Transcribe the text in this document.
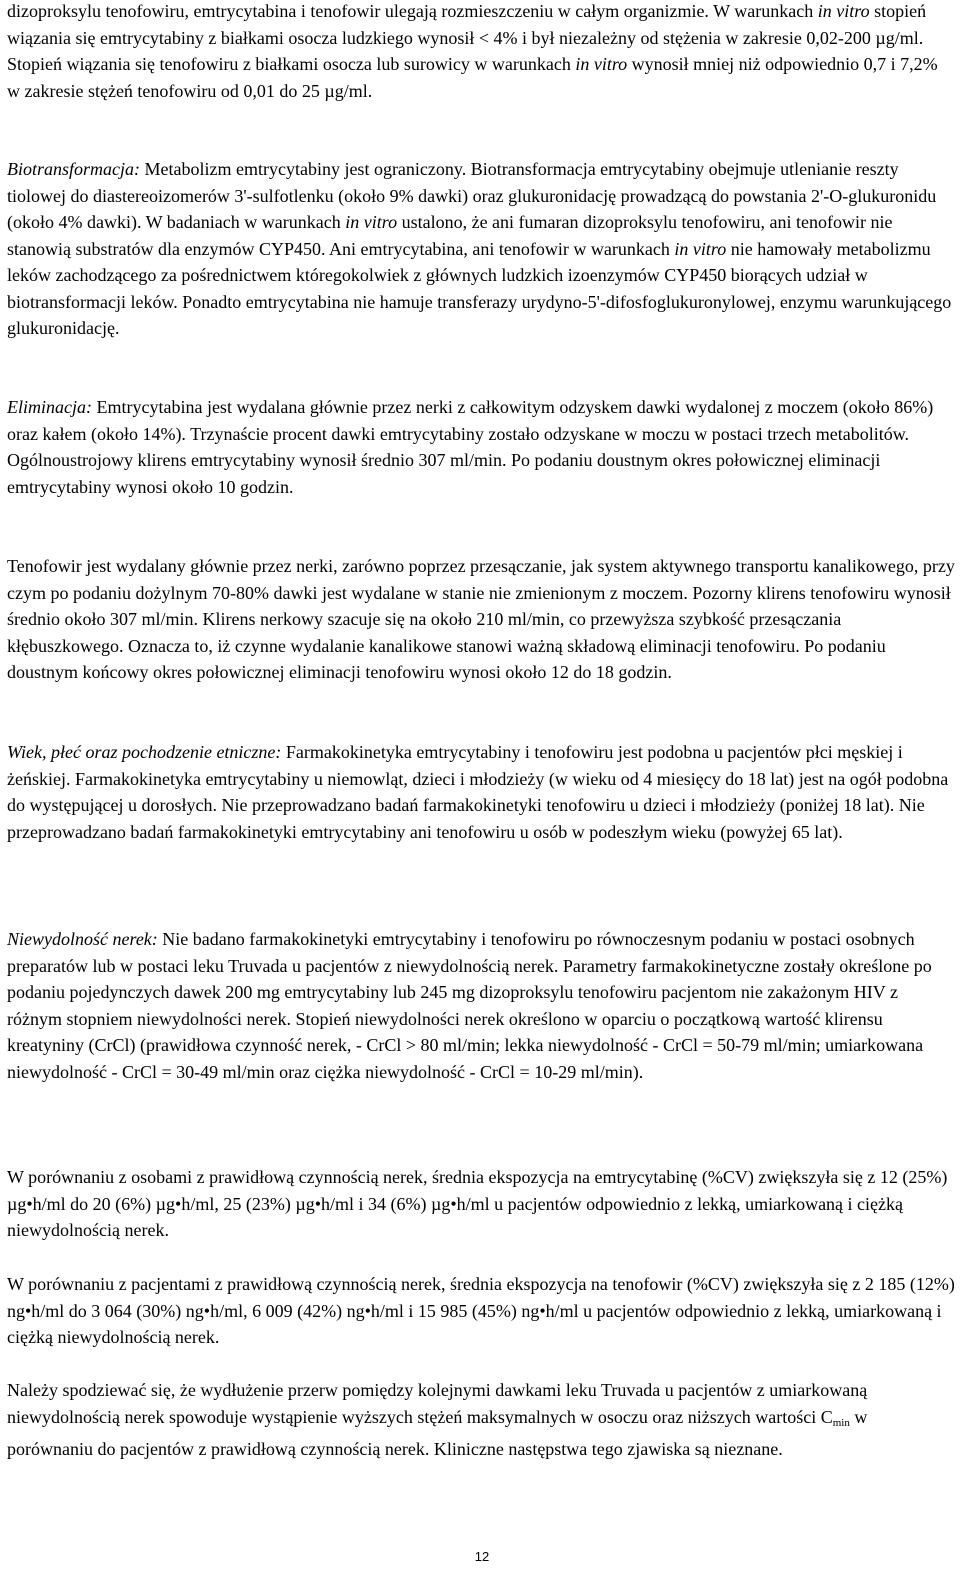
dizoproksylu tenofowiru, emtrycytabina i tenofowir ulegają rozmieszczeniu w całym organizmie. W warunkach in vitro stopień wiązania się emtrycytabiny z białkami osocza ludzkiego wynosił < 4% i był niezależny od stężenia w zakresie 0,02-200 µg/ml. Stopień wiązania się tenofowiru z białkami osocza lub surowicy w warunkach in vitro wynosił mniej niż odpowiednio 0,7 i 7,2% w zakresie stężeń tenofowiru od 0,01 do 25 µg/ml.

Biotransformacja: Metabolizm emtrycytabiny jest ograniczony. Biotransformacja emtrycytabiny obejmuje utlenianie reszty tiolowej do diastereoizomerów 3'-sulfotlenku (około 9% dawki) oraz glukuronidację prowadzącą do powstania 2'-O-glukuronidu (około 4% dawki). W badaniach w warunkach in vitro ustalono, że ani fumaran dizoproksylu tenofowiru, ani tenofowir nie stanowią substratów dla enzymów CYP450. Ani emtrycytabina, ani tenofowir w warunkach in vitro nie hamowały metabolizmu leków zachodzącego za pośrednictwem któregokolwiek z głównych ludzkich izoenzymów CYP450 biorących udział w biotransformacji leków. Ponadto emtrycytabina nie hamuje transferazy urydyno-5'-difosfoglukuronylowej, enzymu warunkującego glukuronidację.

Eliminacja: Emtrycytabina jest wydalana głównie przez nerki z całkowitym odzyskem dawki wydalonej z moczem (około 86%) oraz kałem (około 14%). Trzynaście procent dawki emtrycytabiny zostało odzyskane w moczu w postaci trzech metabolitów. Ogólnoustrojowy klirens emtrycytabiny wynosił średnio 307 ml/min. Po podaniu doustnym okres połowicznej eliminacji emtrycytabiny wynosi około 10 godzin.

Tenofowir jest wydalany głównie przez nerki, zarówno poprzez przesączanie, jak system aktywnego transportu kanalikowego, przy czym po podaniu dożylnym 70-80% dawki jest wydalane w stanie nie zmienionym z moczem. Pozorny klirens tenofowiru wynosił średnio około 307 ml/min. Klirens nerkowy szacuje się na około 210 ml/min, co przewyższa szybkość przesączania kłębuszkowego. Oznacza to, iż czynne wydalanie kanalikowe stanowi ważną składową eliminacji tenofowiru. Po podaniu doustnym końcowy okres połowicznej eliminacji tenofowiru wynosi około 12 do 18 godzin.

Wiek, płeć oraz pochodzenie etniczne: Farmakokinetyka emtrycytabiny i tenofowiru jest podobna u pacjentów płci męskiej i żeńskiej. Farmakokinetyka emtrycytabiny u niemowląt, dzieci i młodzieży (w wieku od 4 miesięcy do 18 lat) jest na ogół podobna do występującej u dorosłych. Nie przeprowadzano badań farmakokinetyki tenofowiru u dzieci i młodzieży (poniżej 18 lat). Nie przeprowadzano badań farmakokinetyki emtrycytabiny ani tenofowiru u osób w podeszłym wieku (powyżej 65 lat).

Niewydolność nerek: Nie badano farmakokinetyki emtrycytabiny i tenofowiru po równoczesnym podaniu w postaci osobnych preparatów lub w postaci leku Truvada u pacjentów z niewydolnością nerek. Parametry farmakokinetyczne zostały określone po podaniu pojedynczych dawek 200 mg emtrycytabiny lub 245 mg dizoproksylu tenofowiru pacjentom nie zakażonym HIV z różnym stopniem niewydolności nerek. Stopień niewydolności nerek określono w oparciu o początkową wartość klirensu kreatyniny (CrCl) (prawidłowa czynność nerek, - CrCl > 80 ml/min; lekka niewydolność - CrCl = 50-79 ml/min; umiarkowana niewydolność - CrCl = 30-49 ml/min oraz ciężka niewydolność - CrCl = 10-29 ml/min).

W porównaniu z osobami z prawidłową czynnością nerek, średnia ekspozycja na emtrycytabinę (%CV) zwiększyła się z 12 (25%) µg•h/ml do 20 (6%) µg•h/ml, 25 (23%) µg•h/ml i 34 (6%) µg•h/ml u pacjentów odpowiednio z lekką, umiarkowaną i ciężką niewydolnością nerek.

W porównaniu z pacjentami z prawidłową czynnością nerek, średnia ekspozycja na tenofowir (%CV) zwiększyła się z 2 185 (12%) ng•h/ml do 3 064 (30%) ng•h/ml, 6 009 (42%) ng•h/ml i 15 985 (45%) ng•h/ml u pacjentów odpowiednio z lekką, umiarkowaną i ciężką niewydolnością nerek.

Należy spodziewać się, że wydłużenie przerw pomiędzy kolejnymi dawkami leku Truvada u pacjentów z umiarkowaną niewydolnością nerek spowoduje wystąpienie wyższych stężeń maksymalnych w osoczu oraz niższych wartości $C_{min}$ w porównaniu do pacjentów z prawidłową czynnością nerek. Kliniczne następstwa tego zjawiska są nieznane.

12
